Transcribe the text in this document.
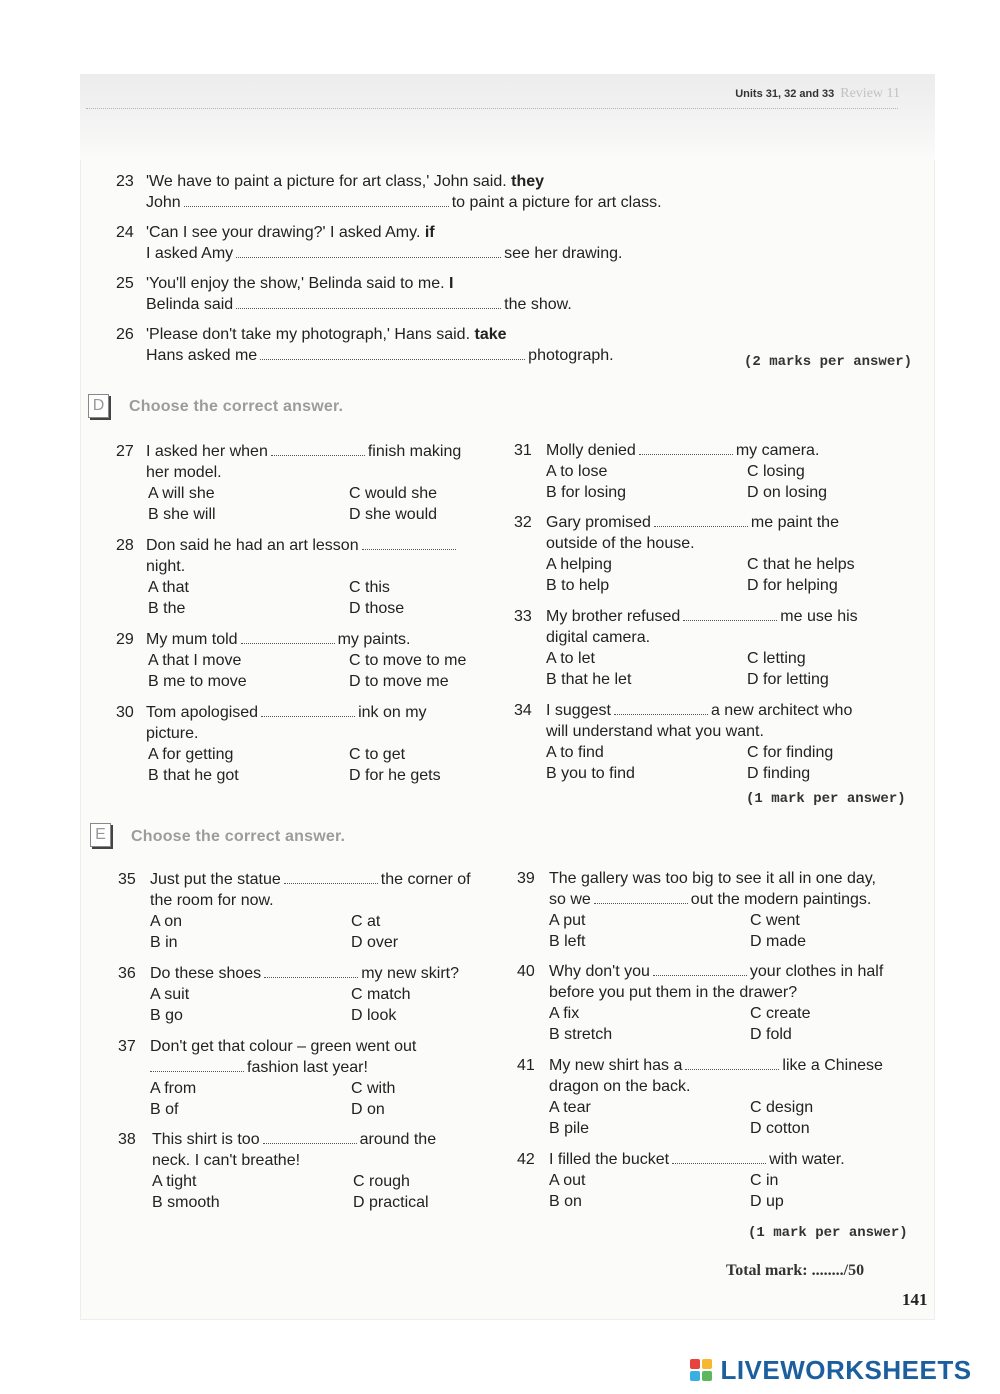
Units 31, 32 and 33 Review 11
23 'We have to paint a picture for art class,' John said. they
John	to paint a picture for art class.
24 'Can I see your drawing?' I asked Amy. if
I asked Amy	see her drawing.
25 'You'll enjoy the show,' Belinda said to me. I
Belinda said	the show.
26 'Please don't take my photograph,' Hans said. take
Hans asked me	photograph.	(2 marks per answer)
D Choose the correct answer.
27 I asked her when	finish making
her model.
A will she
B she will
C would she
D she would
28 Don said he had an art lesson
night.
A that
B the
C this
D those
29 My mum told	my paints.
A that I move
B me to move
C to move to me
D to move me
30 Tom apologised	ink on my
picture.
A for getting
B that he got
C to get
D for he gets
31 Molly denied	my camera.
A to lose
B for losing
C losing
D on losing
32 Gary promised	me paint the
outside of the house.
A helping
B to help
C that he helps
D for helping
33 My brother refused	me use his
digital camera.
A to let
B that he let
C letting
D for letting
34 I suggest	a new architect who
will understand what you want.
A to find
B you to find
C for finding
D finding
(1 mark per answer)
E	Choose the correct answer.
35 Just put the statue	the corner of
the room for now.
A on
B in
C at
D over
36 Do these shoes	my new skirt?
A suit
B go
C match
D look
37 Don't get that colour – green went out
fashion last year!
A from
B of
C with
D on
38	This shirt is too	around the
neck. I can't breathe!
A tight
B smooth
C rough
D practical
39 The gallery was too big to see it all in one day,
so we	out the modern paintings.
A put
B left
C went
D made
40 Why don't you	your clothes in half
before you put them in the drawer?
A fix
B stretch
C create
D fold
41 My new shirt has a	like a Chinese
dragon on the back.
A tear
B pile
C design
D cotton
42 I filled the bucket	with water.
A out
B on
C in
D up
(1 mark per answer)
Total mark: ......../50
141
LIVEWORKSHEETS
